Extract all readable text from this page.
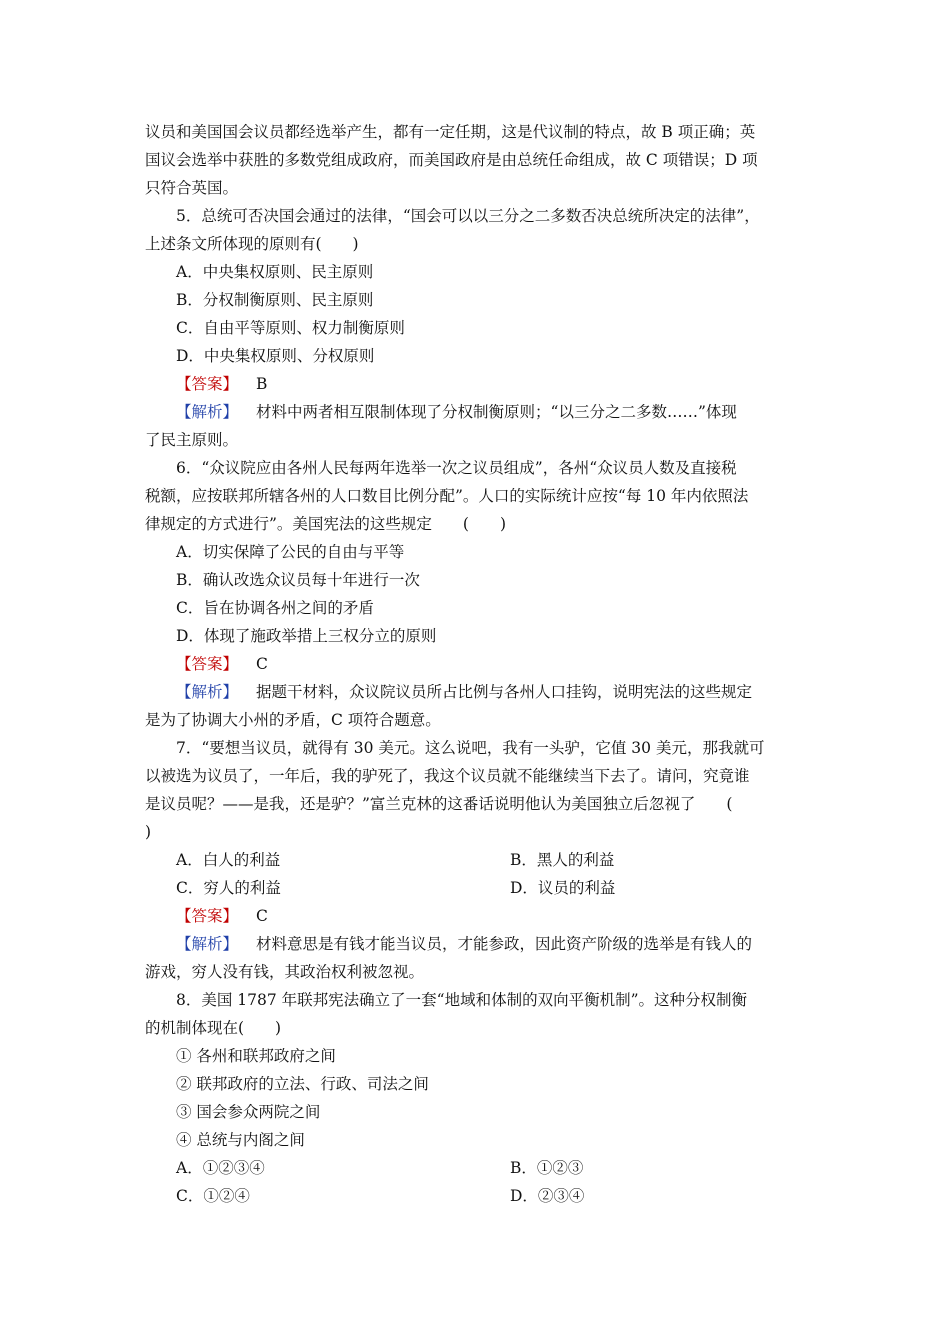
议员和美国国会议员都经选举产生，都有一定任期，这是代议制的特点，故 B 项正确；英
国议会选举中获胜的多数党组成政府，而美国政府是由总统任命组成，故 C 项错误；D 项
只符合英国。
5．总统可否决国会通过的法律，“国会可以以三分之二多数否决总统所决定的法律”，
上述条文所体现的原则有(　　)
A．中央集权原则、民主原则
B．分权制衡原则、民主原则
C．自由平等原则、权力制衡原则
D．中央集权原则、分权原则
【答案】 B
【解析】 材料中两者相互限制体现了分权制衡原则；“以三分之二多数……”体现
了民主原则。
6．“众议院应由各州人民每两年选举一次之议员组成”，各州“众议员人数及直接税
税额，应按联邦所辖各州的人口数目比例分配”。人口的实际统计应按“每 10 年内依照法
律规定的方式进行”。美国宪法的这些规定　　(　　)
A．切实保障了公民的自由与平等
B．确认改选众议员每十年进行一次
C．旨在协调各州之间的矛盾
D．体现了施政举措上三权分立的原则
【答案】 C
【解析】 据题干材料，众议院议员所占比例与各州人口挂钩，说明宪法的这些规定
是为了协调大小州的矛盾，C 项符合题意。
7．“要想当议员，就得有 30 美元。这么说吧，我有一头驴，它值 30 美元，那我就可
以被选为议员了，一年后，我的驴死了，我这个议员就不能继续当下去了。请问，究竟谁
是议员呢？——是我，还是驴？”富兰克林的这番话说明他认为美国独立后忽视了　　(
)
A．白人的利益	B．黑人的利益
C．穷人的利益	D．议员的利益
【答案】 C
【解析】 材料意思是有钱才能当议员，才能参政，因此资产阶级的选举是有钱人的
游戏，穷人没有钱，其政治权利被忽视。
8．美国 1787 年联邦宪法确立了一套“地域和体制的双向平衡机制”。这种分权制衡
的机制体现在(　　)
① 各州和联邦政府之间
② 联邦政府的立法、行政、司法之间
③ 国会参众两院之间
④ 总统与内阁之间
A．①②③④	B．①②③
C．①②④	D．②③④
